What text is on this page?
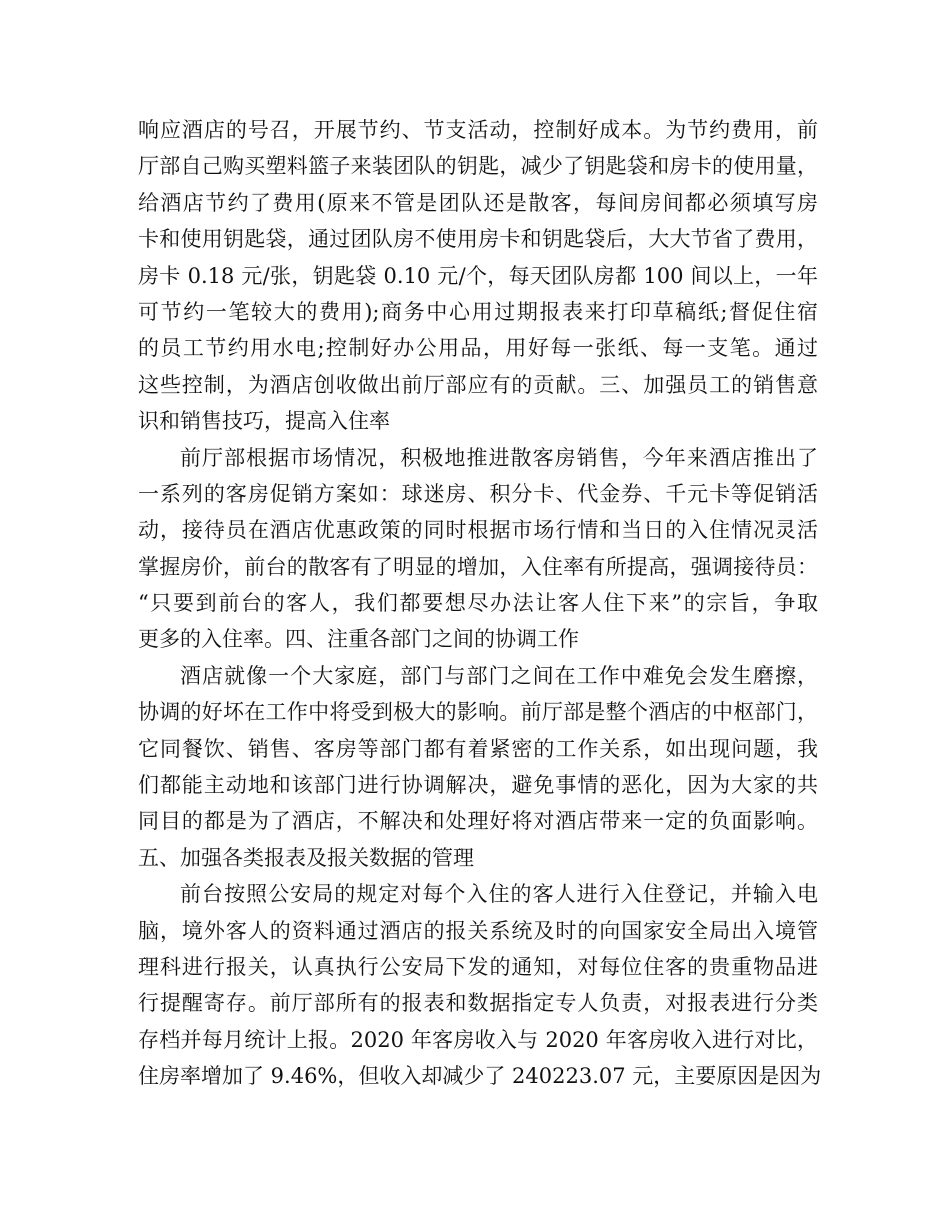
响应酒店的号召，开展节约、节支活动，控制好成本。为节约费用，前
厅部自己购买塑料篮子来装团队的钥匙，减少了钥匙袋和房卡的使用量，
给酒店节约了费用(原来不管是团队还是散客，每间房间都必须填写房
卡和使用钥匙袋，通过团队房不使用房卡和钥匙袋后，大大节省了费用，
房卡 0.18 元/张，钥匙袋 0.10 元/个，每天团队房都 100 间以上，一年
可节约一笔较大的费用);商务中心用过期报表来打印草稿纸;督促住宿
的员工节约用水电;控制好办公用品，用好每一张纸、每一支笔。通过
这些控制，为酒店创收做出前厅部应有的贡献。三、加强员工的销售意
识和销售技巧，提高入住率
前厅部根据市场情况，积极地推进散客房销售，今年来酒店推出了
一系列的客房促销方案如：球迷房、积分卡、代金券、千元卡等促销活
动，接待员在酒店优惠政策的同时根据市场行情和当日的入住情况灵活
掌握房价，前台的散客有了明显的增加，入住率有所提高，强调接待员：
“只要到前台的客人，我们都要想尽办法让客人住下来”的宗旨，争取
更多的入住率。四、注重各部门之间的协调工作
酒店就像一个大家庭，部门与部门之间在工作中难免会发生磨擦，
协调的好坏在工作中将受到极大的影响。前厅部是整个酒店的中枢部门，
它同餐饮、销售、客房等部门都有着紧密的工作关系，如出现问题，我
们都能主动地和该部门进行协调解决，避免事情的恶化，因为大家的共
同目的都是为了酒店，不解决和处理好将对酒店带来一定的负面影响。
五、加强各类报表及报关数据的管理
前台按照公安局的规定对每个入住的客人进行入住登记，并输入电
脑，境外客人的资料通过酒店的报关系统及时的向国家安全局出入境管
理科进行报关，认真执行公安局下发的通知，对每位住客的贵重物品进
行提醒寄存。前厅部所有的报表和数据指定专人负责，对报表进行分类
存档并每月统计上报。2020 年客房收入与 2020 年客房收入进行对比，
住房率增加了 9.46%，但收入却减少了 240223.07 元，主要原因是因为
